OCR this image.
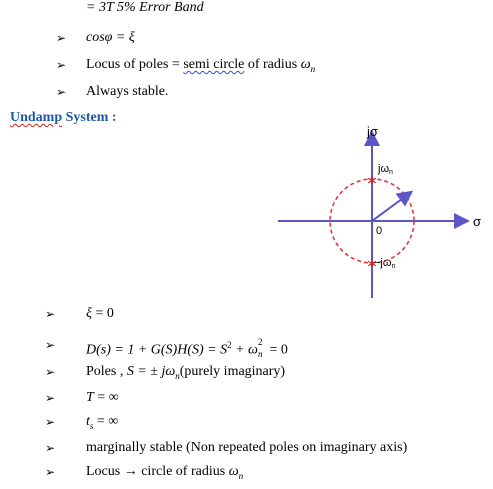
= 3T 5% Error Band
➢ cosφ = ξ
➢ Locus of poles = semi circle of radius $\omega_n$
➢ Always stable.
Undamp System :
∗
∗
jσ
σ
0
jωn
−jωn
➢ ξ = 0
➢ $D(s) = 1 + G(S)H(S) = S^2 + \omega$
2
n = 0
➢ Poles , S = ± $j\omega_n(purely$ imaginary)
➢ T = ∞
➢ $t_s$ = ∞
➢ marginally stable (Non repeated poles on imaginary axis)
➢ Locus → circle of radius $\omega_n$
